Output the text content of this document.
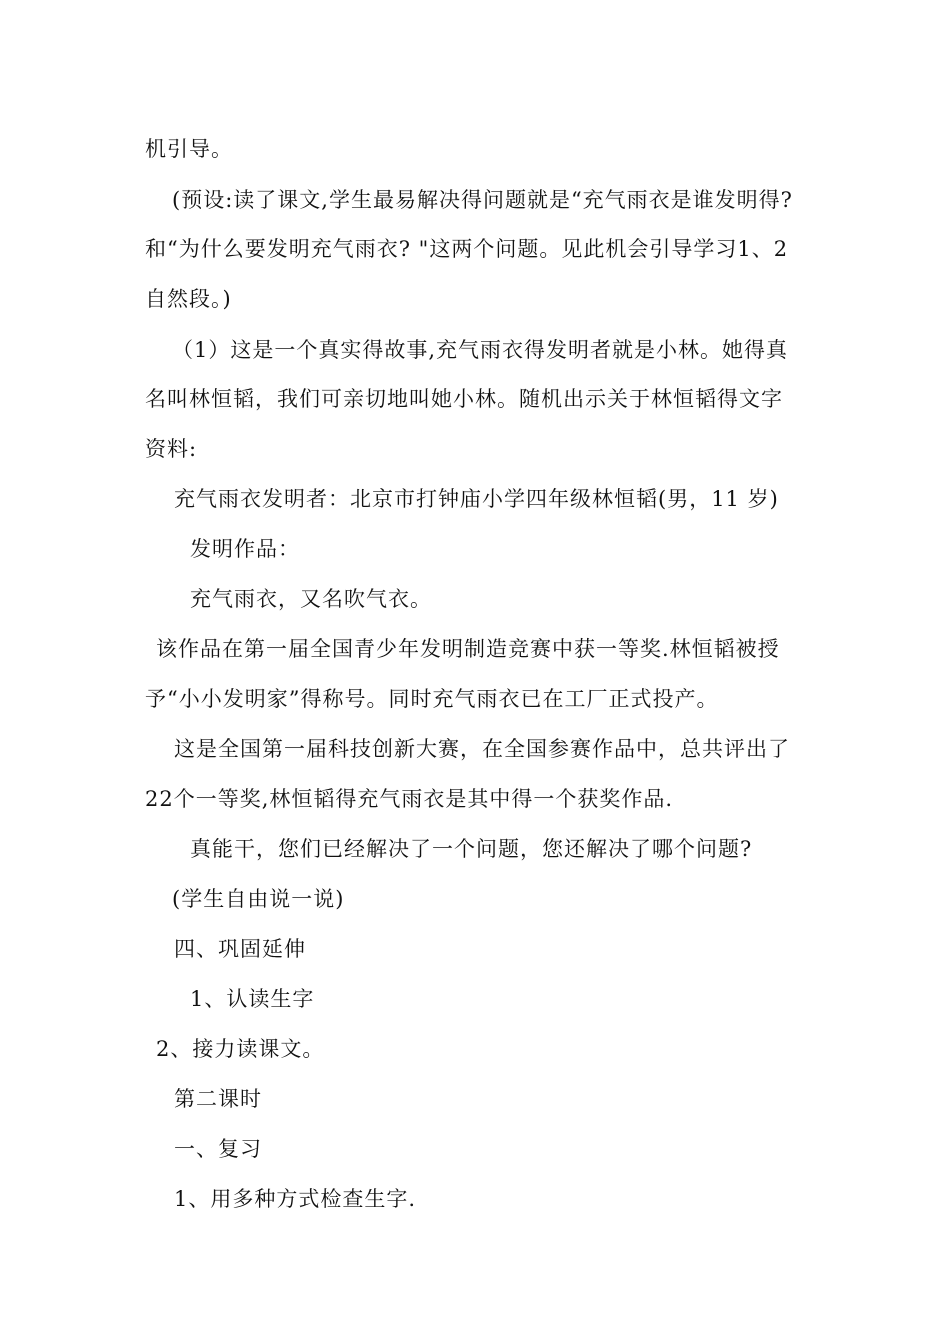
机引导。
(预设:读了课文,学生最易解决得问题就是“充气雨衣是谁发明得?
和“为什么要发明充气雨衣? "这两个问题。见此机会引导学习1、2
自然段。)
（1）这是一个真实得故事,充气雨衣得发明者就是小林。她得真
名叫林恒韬，我们可亲切地叫她小林。随机出示关于林恒韬得文字
资料:
充气雨衣发明者：北京市打钟庙小学四年级林恒韬(男，11 岁)
发明作品：
充气雨衣，又名吹气衣。
该作品在第一届全国青少年发明制造竞赛中获一等奖.林恒韬被授
予“小小发明家”得称号。同时充气雨衣已在工厂正式投产。
这是全国第一届科技创新大赛，在全国参赛作品中，总共评出了
22个一等奖,林恒韬得充气雨衣是其中得一个获奖作品.
真能干，您们已经解决了一个问题，您还解决了哪个问题?
(学生自由说一说)
四、巩固延伸
1、认读生字
2、接力读课文。
第二课时
一、复习
1、用多种方式检查生字.
